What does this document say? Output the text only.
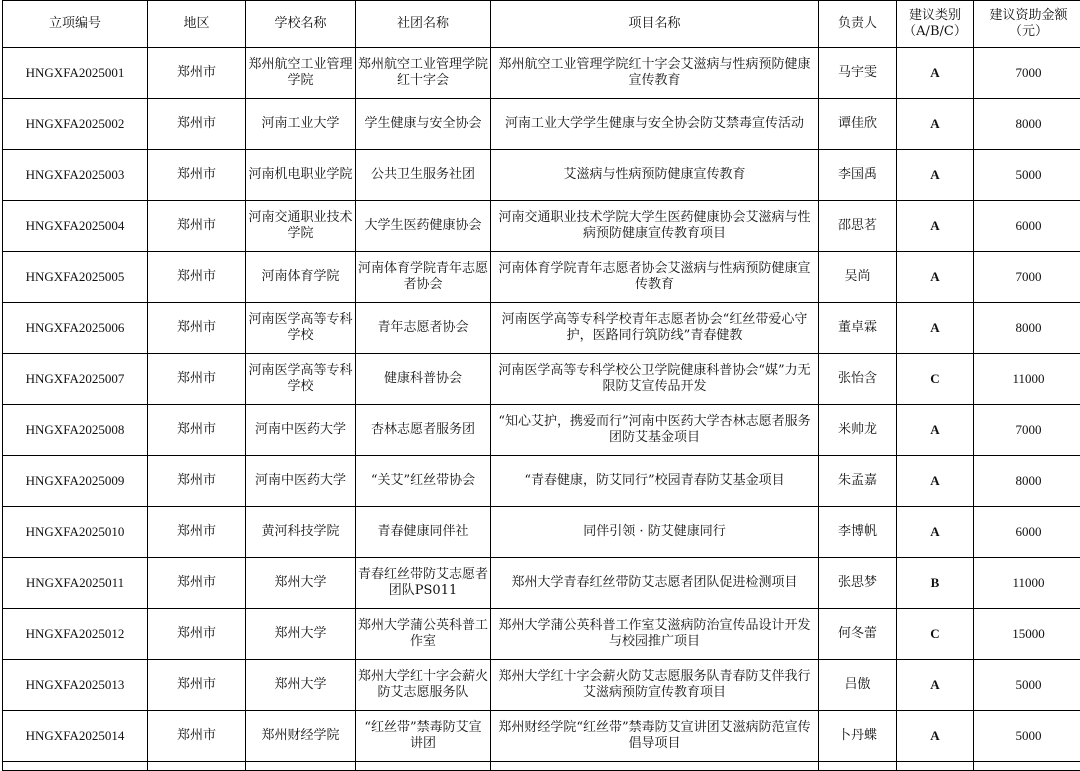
立项编号	地区	学校名称	社团名称	项目名称	负责人	建议类别（A/B/C）	建议资助金额（元）
HNGXFA2025001	郑州市	郑州航空工业管理学院	郑州航空工业管理学院红十字会	郑州航空工业管理学院红十字会艾滋病与性病预防健康宣传教育	马宇雯	A	7000
HNGXFA2025002	郑州市	河南工业大学	学生健康与安全协会	河南工业大学学生健康与安全协会防艾禁毒宣传活动	谭佳欣	A	8000
HNGXFA2025003	郑州市	河南机电职业学院	公共卫生服务社团	艾滋病与性病预防健康宣传教育	李国禹	A	5000
HNGXFA2025004	郑州市	河南交通职业技术学院	大学生医药健康协会	河南交通职业技术学院大学生医药健康协会艾滋病与性病预防健康宣传教育项目	邵思茗	A	6000
HNGXFA2025005	郑州市	河南体育学院	河南体育学院青年志愿者协会	河南体育学院青年志愿者协会艾滋病与性病预防健康宣传教育	吴尚	A	7000
HNGXFA2025006	郑州市	河南医学高等专科学校	青年志愿者协会	河南医学高等专科学校青年志愿者协会“红丝带爱心守护，医路同行筑防线”青春健教	董卓霖	A	8000
HNGXFA2025007	郑州市	河南医学高等专科学校	健康科普协会	河南医学高等专科学校公卫学院健康科普协会“媒”力无限防艾宣传品开发	张怡含	C	11000
HNGXFA2025008	郑州市	河南中医药大学	杏林志愿者服务团	“知心艾护，携爱而行”河南中医药大学杏林志愿者服务团防艾基金项目	米帅龙	A	7000
HNGXFA2025009	郑州市	河南中医药大学	“关艾”红丝带协会	“青春健康，防艾同行”校园青春防艾基金项目	朱孟嘉	A	8000
HNGXFA2025010	郑州市	黄河科技学院	青春健康同伴社	同伴引领 · 防艾健康同行	李博帆	A	6000
HNGXFA2025011	郑州市	郑州大学	青春红丝带防艾志愿者团队PS011	郑州大学青春红丝带防艾志愿者团队促进检测项目	张思梦	B	11000
HNGXFA2025012	郑州市	郑州大学	郑州大学蒲公英科普工作室	郑州大学蒲公英科普工作室艾滋病防治宣传品设计开发与校园推广项目	何冬蕾	C	15000
HNGXFA2025013	郑州市	郑州大学	郑州大学红十字会薪火防艾志愿服务队	郑州大学红十字会薪火防艾志愿服务队青春防艾伴我行艾滋病预防宣传教育项目	吕傲	A	5000
HNGXFA2025014	郑州市	郑州财经学院	“红丝带”禁毒防艾宣讲团	郑州财经学院“红丝带”禁毒防艾宣讲团艾滋病防范宣传倡导项目	卜丹蝶	A	5000
